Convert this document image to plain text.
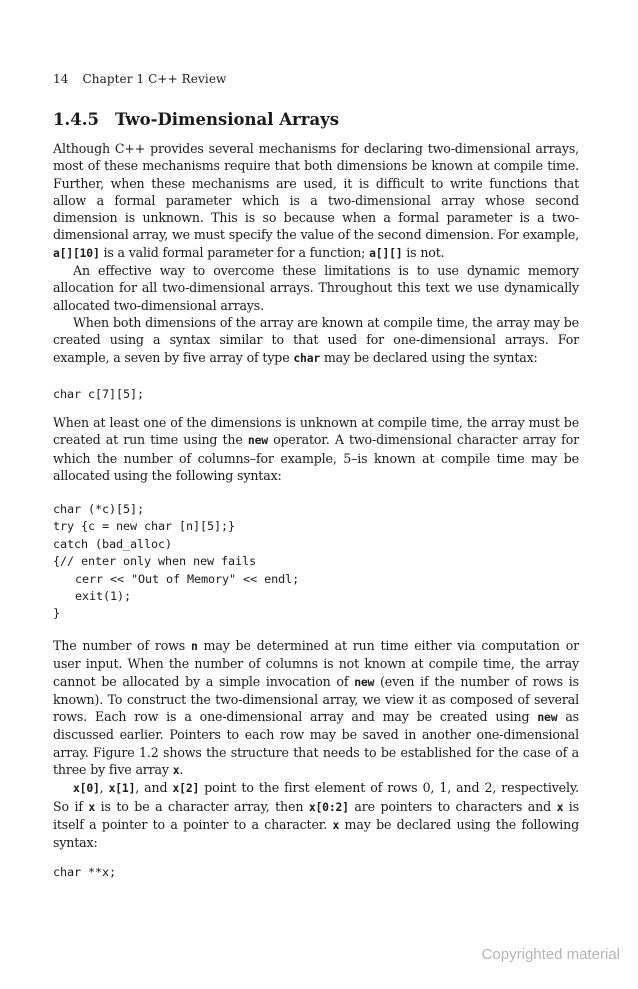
14 Chapter 1 C++ Review
1.4.5 Two-Dimensional Arrays

Although C++ provides several mechanisms for declaring two-dimensional arrays, most of these mechanisms require that both dimensions be known at compile time. Further, when these mechanisms are used, it is difficult to write functions that allow a formal parameter which is a two-dimensional array whose second dimension is unknown. This is so because when a formal parameter is a two-dimensional array, we must specify the value of the second dimension. For example, a[][10] is a valid formal parameter for a function; a[][] is not.

An effective way to overcome these limitations is to use dynamic memory allocation for all two-dimensional arrays. Throughout this text we use dynamically allocated two-dimensional arrays.

When both dimensions of the array are known at compile time, the array may be created using a syntax similar to that used for one-dimensional arrays. For example, a seven by five array of type char may be declared using the syntax:

char c[7][5];

When at least one of the dimensions is unknown at compile time, the array must be created at run time using the new operator. A two-dimensional character array for which the number of columns–for example, 5–is known at compile time may be allocated using the following syntax:

char (*c)[5];
try {c = new char [n][5];}
catch (bad_alloc)
{// enter only when new fails
cerr << "Out of Memory" << endl;
exit(1);
}

The number of rows n may be determined at run time either via computation or user input. When the number of columns is not known at compile time, the array cannot be allocated by a simple invocation of new (even if the number of rows is known). To construct the two-dimensional array, we view it as composed of several rows. Each row is a one-dimensional array and may be created using new as discussed earlier. Pointers to each row may be saved in another one-dimensional array. Figure 1.2 shows the structure that needs to be established for the case of a three by five array x.

x[0], x[1], and x[2] point to the first element of rows 0, 1, and 2, respectively. So if x is to be a character array, then x[0:2] are pointers to characters and x is itself a pointer to a pointer to a character. x may be declared using the following syntax:

char **x;
Copyrighted material
